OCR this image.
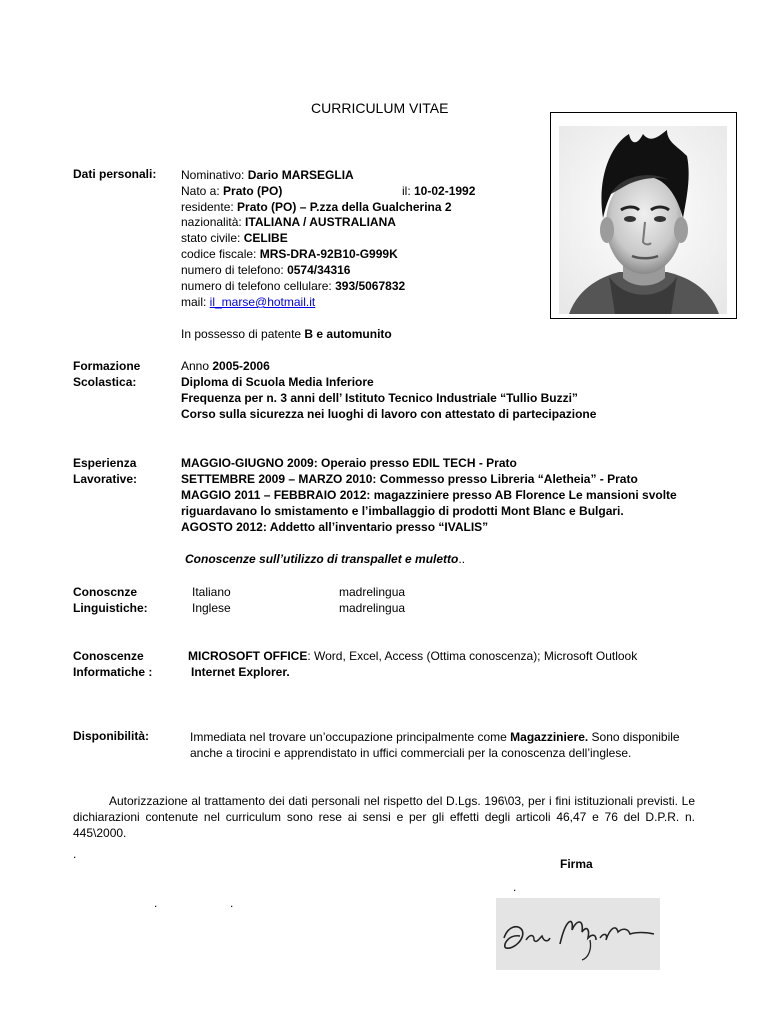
CURRICULUM VITAE
Dati personali: Nominativo: Dario MARSEGLIA
Nato a: Prato (PO)	il: 10-02-1992
residente: Prato (PO) – P.zza della Gualcherina 2
nazionalità: ITALIANA / AUSTRALIANA
stato civile: CELIBE
codice fiscale: MRS-DRA-92B10-G999K
numero di telefono: 0574/34316
numero di telefono cellulare: 393/5067832
mail: il_marse@hotmail.it
In possesso di patente B e automunito
Formazione
Scolastica:
Anno 2005-2006
Diploma di Scuola Media Inferiore
Frequenza per n. 3 anni dell’ Istituto Tecnico Industriale “Tullio Buzzi”
Corso sulla sicurezza nei luoghi di lavoro con attestato di partecipazione
Esperienza
Lavorative:
MAGGIO-GIUGNO 2009: Operaio presso EDIL TECH - Prato
SETTEMBRE 2009 – MARZO 2010: Commesso presso Libreria “Aletheia” - Prato
MAGGIO 2011 – FEBBRAIO 2012: magazziniere presso AB Florence Le mansioni svolte
riguardavano lo smistamento e l’imballaggio di prodotti Mont Blanc e Bulgari.
AGOSTO 2012: Addetto all’inventario presso “IVALIS”
Conoscenze sull’utilizzo di transpallet e muletto..
Conoscnze
Linguistiche:
Italiano	madrelingua
Inglese	madrelingua
Conoscenze
Informatiche :
MICROSOFT OFFICE: Word, Excel, Access (Ottima conoscenza); Microsoft Outlook
Internet Explorer.
Disponibilità:	Immediata nel trovare un’occupazione principalmente come Magazziniere. Sono disponibile
anche a tirocini e apprendistato in uffici commerciali per la conoscenza dell’inglese.
Autorizzazione al trattamento dei dati personali nel rispetto del D.Lgs. 196\03, per i fini istituzionali previsti. Le dichiarazioni contenute nel curriculum sono rese ai sensi e per gli effetti degli articoli 46,47 e 76 del D.P.R. n. 445\2000.
.
Firma
.
.	.
